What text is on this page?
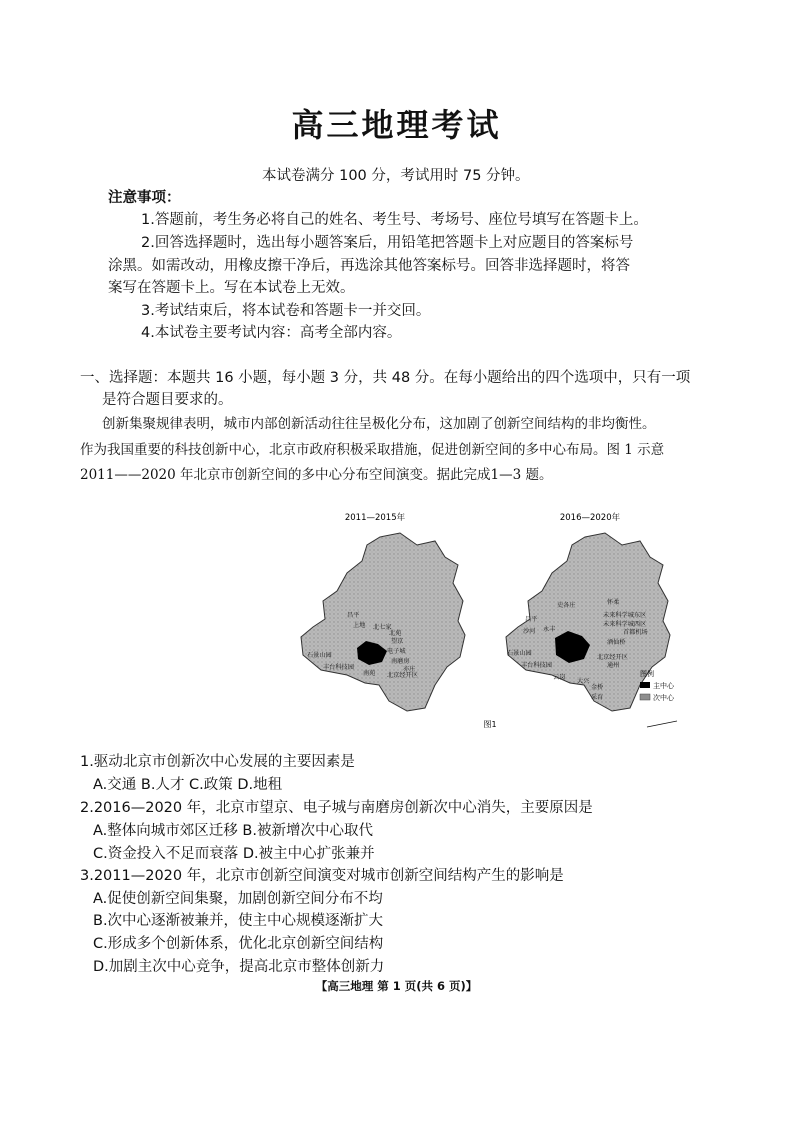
高三地理考试
本试卷满分 100 分，考试用时 75 分钟。
注意事项：
1.答题前，考生务必将自己的姓名、考生号、考场号、座位号填写在答题卡上。
2.回答选择题时，选出每小题答案后，用铅笔把答题卡上对应题目的答案标号
涂黑。如需改动，用橡皮擦干净后，再选涂其他答案标号。回答非选择题时，将答
案写在答题卡上。写在本试卷上无效。
3.考试结束后，将本试卷和答题卡一并交回。
4.本试卷主要考试内容：高考全部内容。
一、选择题：本题共 16 小题，每小题 3 分，共 48 分。在每小题给出的四个选项中，只有一项
是符合题目要求的。
创新集聚规律表明，城市内部创新活动往往呈极化分布，这加剧了创新空间结构的非均衡性。
作为我国重要的科技创新中心，北京市政府积极采取措施，促进创新空间的多中心布局。图 1 示意
2011——2020 年北京市创新空间的多中心分布空间演变。据此完成1—3 题。
2011—2015年
昌平
上地 北七家
北苑
望京
电子城
石景山园
丰台科技园
南磨房
南苑 北京经开区
亦庄
2016—2020年
怀柔
史各庄
昌平
未来科学城东区
未来科学城西区
首都机场
酒仙桥
沙河 永丰
石景山园
丰台科技园	通州
北京经开区
大兴
金桥
云岗
采育
图例
主中心
次中心
图1
1.驱动北京市创新次中心发展的主要因素是
A.交通 B.人才 C.政策 D.地租
2.2016—2020 年，北京市望京、电子城与南磨房创新次中心消失，主要原因是
A.整体向城市郊区迁移 B.被新增次中心取代
C.资金投入不足而衰落 D.被主中心扩张兼并
3.2011—2020 年，北京市创新空间演变对城市创新空间结构产生的影响是
A.促使创新空间集聚，加剧创新空间分布不均
B.次中心逐渐被兼并，使主中心规模逐渐扩大
C.形成多个创新体系，优化北京创新空间结构
D.加剧主次中心竞争，提高北京市整体创新力
【高三地理 第 1 页(共 6 页)】
